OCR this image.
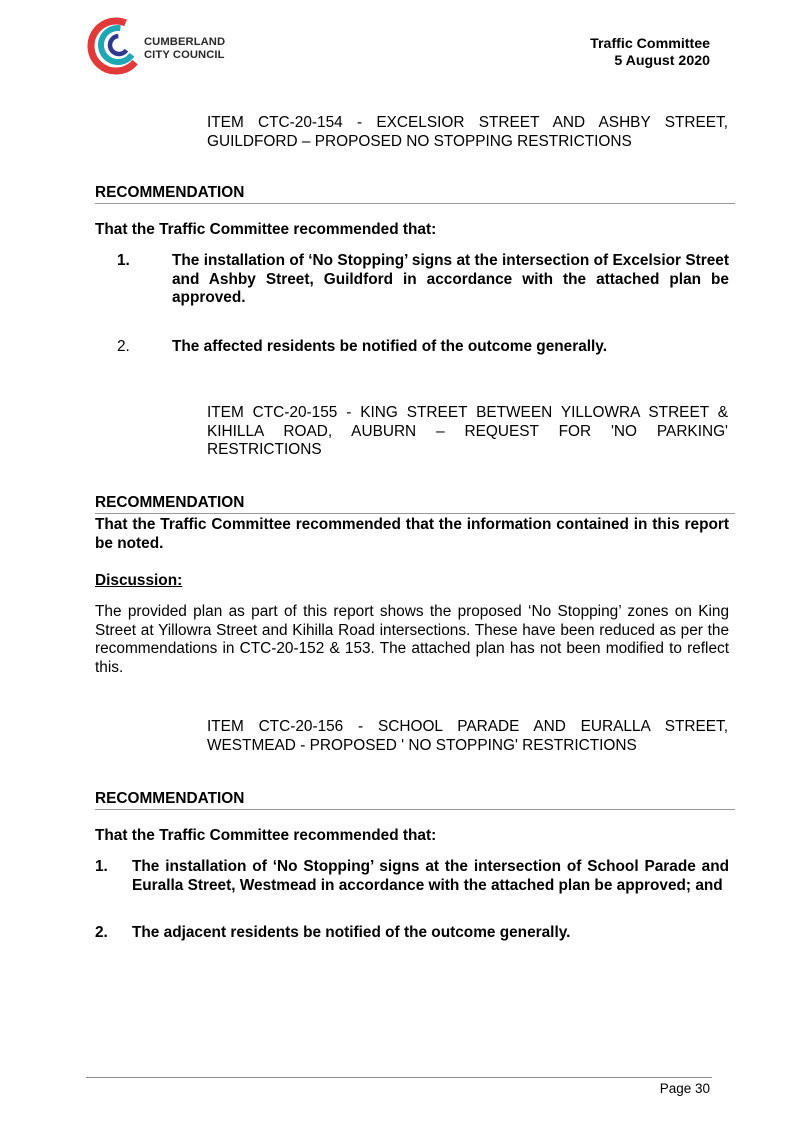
CUMBERLAND
CITY COUNCIL
Traffic Committee
5 August 2020
ITEM CTC-20-154 - EXCELSIOR STREET AND ASHBY STREET, GUILDFORD – PROPOSED NO STOPPING RESTRICTIONS
RECOMMENDATION
That the Traffic Committee recommended that:
1.	The installation of ‘No Stopping’ signs at the intersection of Excelsior Street and Ashby Street, Guildford in accordance with the attached plan be approved.
2.	The affected residents be notified of the outcome generally.
ITEM CTC-20-155 - KING STREET BETWEEN YILLOWRA STREET & KIHILLA ROAD, AUBURN – REQUEST FOR 'NO PARKING' RESTRICTIONS
RECOMMENDATION
That the Traffic Committee recommended that the information contained in this report be noted.
Discussion:
The provided plan as part of this report shows the proposed ‘No Stopping’ zones on King Street at Yillowra Street and Kihilla Road intersections. These have been reduced as per the recommendations in CTC-20-152 & 153. The attached plan has not been modified to reflect this.
ITEM CTC-20-156 - SCHOOL PARADE AND EURALLA STREET, WESTMEAD - PROPOSED ' NO STOPPING' RESTRICTIONS
RECOMMENDATION
That the Traffic Committee recommended that:
1. The installation of ‘No Stopping’ signs at the intersection of School Parade and Euralla Street, Westmead in accordance with the attached plan be approved; and
2. The adjacent residents be notified of the outcome generally.
Page 30
